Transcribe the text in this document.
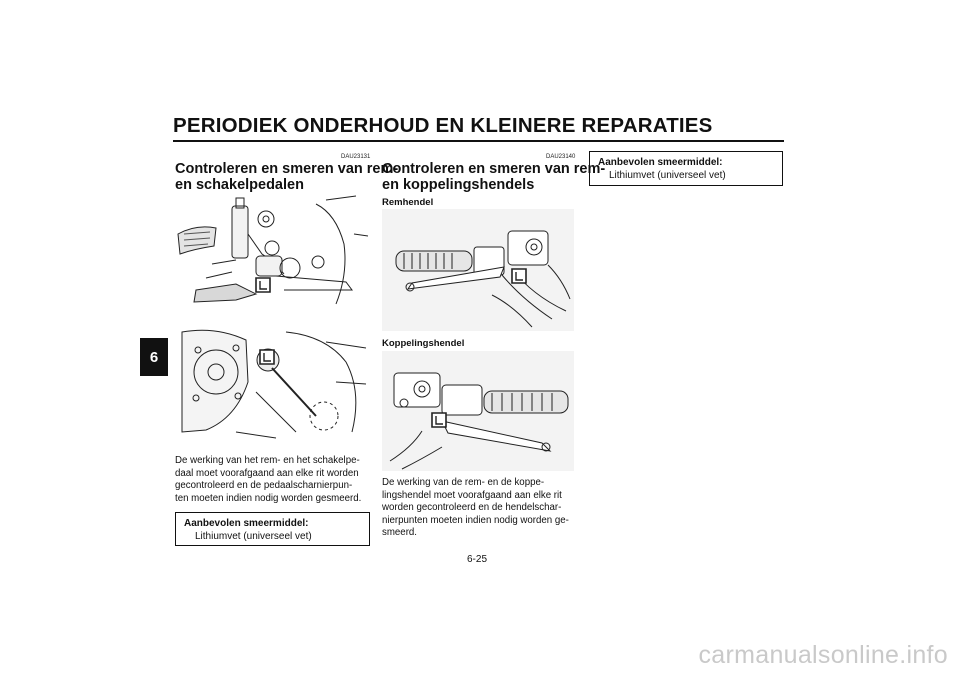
PERIODIEK ONDERHOUD EN KLEINERE REPARATIES
6
DAU23131
Controleren en smeren van rem-
en schakelpedalen
De werking van het rem- en het schakelpe-
daal moet voorafgaand aan elke rit worden
gecontroleerd en de pedaalscharnierpun-
ten moeten indien nodig worden gesmeerd.
Aanbevolen smeermiddel:
Lithiumvet (universeel vet)
DAU23140
Controleren en smeren van rem-
en koppelingshendels
Remhendel
Koppelingshendel
De werking van de rem- en de koppe-
lingshendel moet voorafgaand aan elke rit
worden gecontroleerd en de hendelschar-
nierpunten moeten indien nodig worden ge-
smeerd.
Aanbevolen smeermiddel:
Lithiumvet (universeel vet)
6-25
carmanualsonline.info
